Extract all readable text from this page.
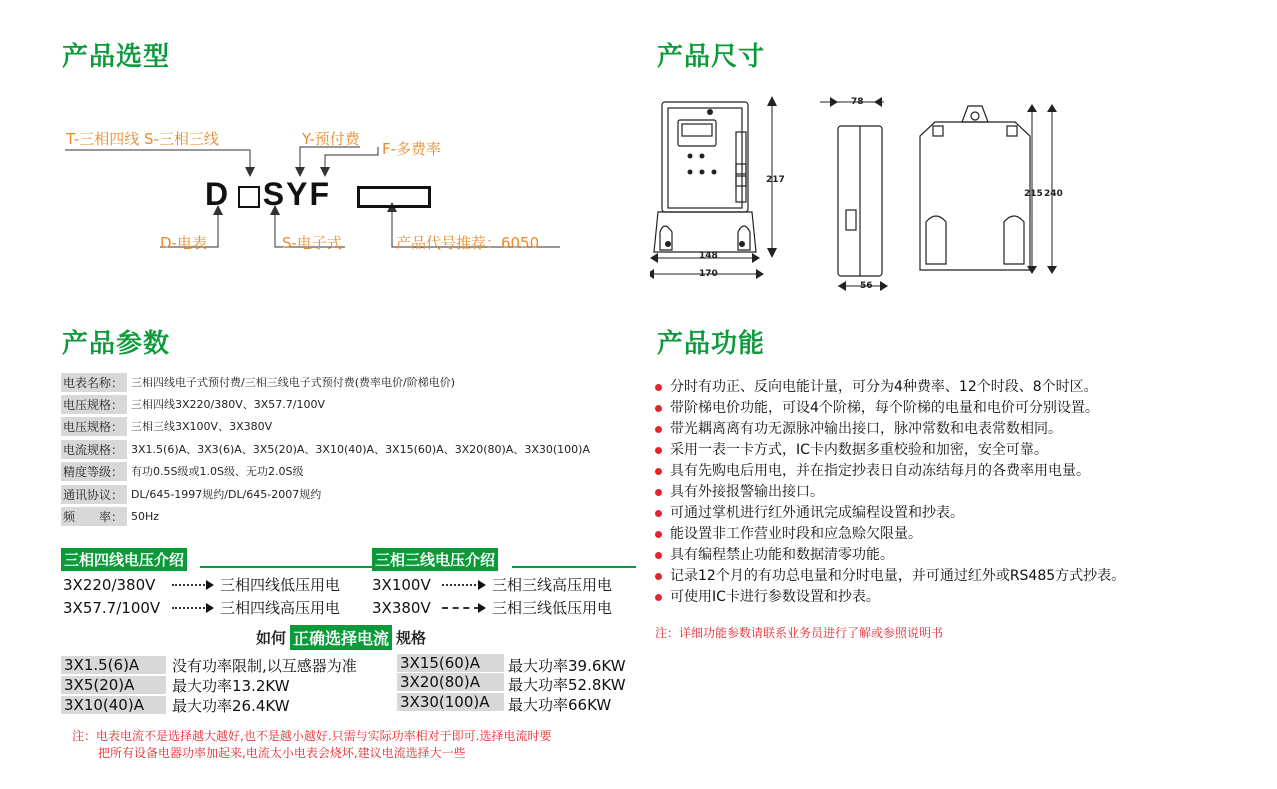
产品选型	产品尺寸
产品参数	产品功能
T-三相四线 S-三相三线	Y-预付费
F-多费率
D   SYF
D-电表	S-电子式	产品代号推荐：6050
217
148
170
78
56
215 240
电表名称： 三相四线电子式预付费/三相三线电子式预付费(费率电价/阶梯电价)
电压规格： 三相四线3X220/380V、3X57.7/100V
电压规格： 三相三线3X100V、3X380V
电流规格： 3X1.5(6)A、3X3(6)A、3X5(20)A、3X10(40)A、3X15(60)A、3X20(80)A、3X30(100)A
精度等级： 有功0.5S级或1.0S级、无功2.0S级
通讯协议： DL/645-1997规约/DL/645-2007规约
频　　率： 50Hz
三相四线电压介绍	三相三线电压介绍
3X220/380V	三相四线低压用电 3X100V	三相三线高压用电
3X57.7/100V	三相四线高压用电 3X380V	三相三线低压用电
如何 正确选择电流 规格
3X1.5(6)A	没有功率限制,以互感器为准
3X5(20)A	最大功率13.2KW
3X10(40)A	最大功率26.4KW
3X15(60)A	最大功率39.6KW
3X20(80)A	最大功率52.8KW
3X30(100)A	最大功率66KW
注：电表电流不是选择越大越好,也不是越小越好.只需与实际功率相对于即可.选择电流时要
把所有设备电器功率加起来,电流太小电表会烧坏,建议电流选择大一些
分时有功正、反向电能计量，可分为4种费率、12个时段、8个时区。
带阶梯电价功能，可设4个阶梯，每个阶梯的电量和电价可分别设置。
带光耦离离有功无源脉冲输出接口，脉冲常数和电表常数相同。
采用一表一卡方式，IC卡内数据多重校验和加密，安全可靠。
具有先购电后用电，并在指定抄表日自动冻结每月的各费率用电量。
具有外接报警输出接口。
可通过掌机进行红外通讯完成编程设置和抄表。
能设置非工作营业时段和应急赊欠限量。
具有编程禁止功能和数据清零功能。
记录12个月的有功总电量和分时电量，并可通过红外或RS485方式抄表。
可使用IC卡进行参数设置和抄表。
注：详细功能参数请联系业务员进行了解或参照说明书
